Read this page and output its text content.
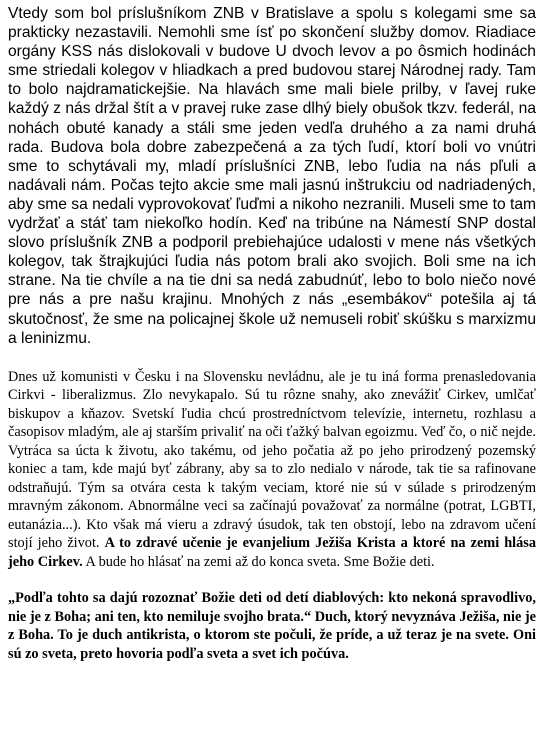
Vtedy som bol príslušníkom ZNB v Bratislave a spolu s kolegami sme sa prakticky nezastavili. Nemohli sme ísť po skončení služby domov. Riadiace orgány KSS nás dislokovali v budove U dvoch levov a po ôsmich hodinách sme striedali kolegov v hliadkach a pred budovou starej Národnej rady. Tam to bolo najdramatickejšie. Na hlavách sme mali biele prilby, v ľavej ruke každý z nás držal štít a v pravej ruke zase dlhý biely obušok tkzv. federál, na nohách obuté kanady a stáli sme jeden vedľa druhého a za nami druhá rada. Budova bola dobre zabezpečená a za tých ľudí, ktorí boli vo vnútri sme to schytávali my, mladí príslušníci ZNB, lebo ľudia na nás pľuli a nadávali nám. Počas tejto akcie sme mali jasnú inštrukciu od nadriadených, aby sme sa nedali vyprovokovať ľuďmi a nikoho nezranili. Museli sme to tam vydržať a stáť tam niekoľko hodín. Keď na tribúne na Námestí SNP dostal slovo príslušník ZNB a podporil prebiehajúce udalosti v mene nás všetkých kolegov, tak štrajkujúci ľudia nás potom brali ako svojich. Boli sme na ich strane. Na tie chvíle a na tie dni sa nedá zabudnúť, lebo to bolo niečo nové pre nás a pre našu krajinu. Mnohých z nás „esembákov“ potešila aj tá skutočnosť, že sme na policajnej škole už nemuseli robiť skúšku s marxizmu a leninizmu.

Dnes už komunisti v Česku i na Slovensku nevládnu, ale je tu iná forma prenasledovania Cirkvi - liberalizmus. Zlo nevykapalo. Sú tu rôzne snahy, ako znevážiť Cirkev, umlčať biskupov a kňazov. Svetskí ľudia chcú prostredníctvom televízie, internetu, rozhlasu a časopisov mladým, ale aj starším privaliť na oči ťažký balvan egoizmu. Veď čo, o nič nejde. Vytráca sa úcta k životu, ako takému, od jeho počatia až po jeho prirodzený pozemský koniec a tam, kde majú byť zábrany, aby sa to zlo nedialo v národe, tak tie sa rafinovane odstraňujú. Tým sa otvára cesta k takým veciam, ktoré nie sú v súlade s prirodzeným mravným zákonom. Abnormálne veci sa začínajú považovať za normálne (potrat, LGBTI, eutanázia...). Kto však má vieru a zdravý úsudok, tak ten obstojí, lebo na zdravom učení stojí jeho život. A to zdravé učenie je evanjelium Ježiša Krista a ktoré na zemi hlása jeho Cirkev. A bude ho hlásať na zemi až do konca sveta. Sme Božie deti.

„Podľa tohto sa dajú rozoznať Božie deti od detí diablových: kto nekoná spravodlivo, nie je z Boha; ani ten, kto nemiluje svojho brata.“ Duch, ktorý nevyznáva Ježiša, nie je z Boha. To je duch antikrista, o ktorom ste počuli, že príde, a už teraz je na svete. Oni sú zo sveta, preto hovoria podľa sveta a svet ich počúva.
